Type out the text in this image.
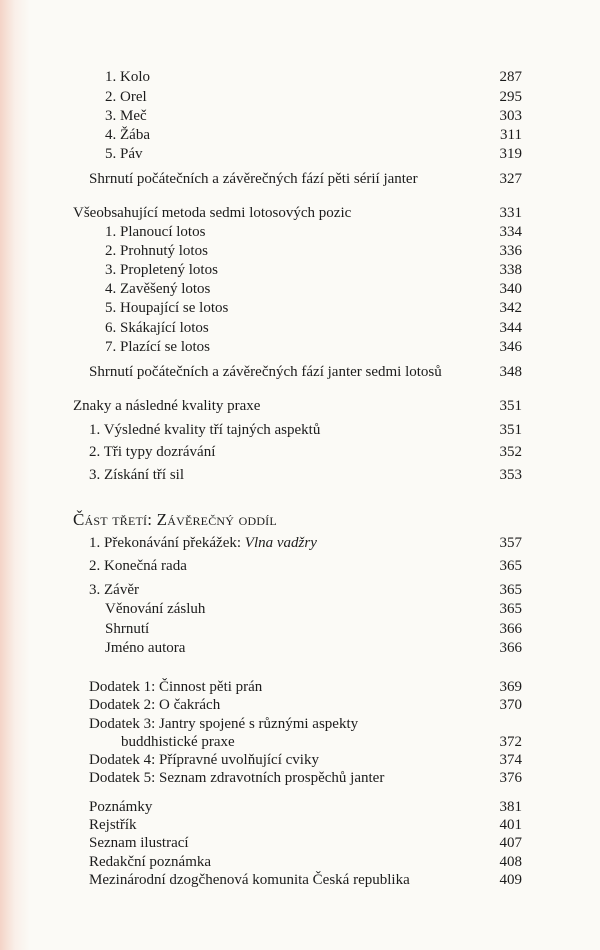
1. Kolo	287
2. Orel	295
3. Meč	303
4. Žába	311
5. Páv	319
Shrnutí počátečních a závěrečných fází pěti sérií janter	327
Všeobsahující metoda sedmi lotosových pozic	331
1. Planoucí lotos	334
2. Prohnutý lotos	336
3. Propletený lotos	338
4. Zavěšený lotos	340
5. Houpající se lotos	342
6. Skákající lotos	344
7. Plazící se lotos	346
Shrnutí počátečních a závěrečných fází janter sedmi lotosů	348
Znaky a následné kvality praxe	351
1. Výsledné kvality tří tajných aspektů	351
2. Tři typy dozrávání	352
3. Získání tří sil	353
Část třetí: Závěrečný oddíl
1. Překonávání překážek: Vlna vadžry	357
2. Konečná rada	365
3. Závěr	365
Věnování zásluh	365
Shrnutí	366
Jméno autora	366
Dodatek 1: Činnost pěti prán	369
Dodatek 2: O čakrách	370
Dodatek 3: Jantry spojené s různými aspekty
buddhistické praxe	372
Dodatek 4: Přípravné uvolňující cviky	374
Dodatek 5: Seznam zdravotních prospěchů janter	376
Poznámky	381
Rejstřík	401
Seznam ilustrací	407
Redakční poznámka	408
Mezinárodní dzogčhenová komunita Česká republika	409
